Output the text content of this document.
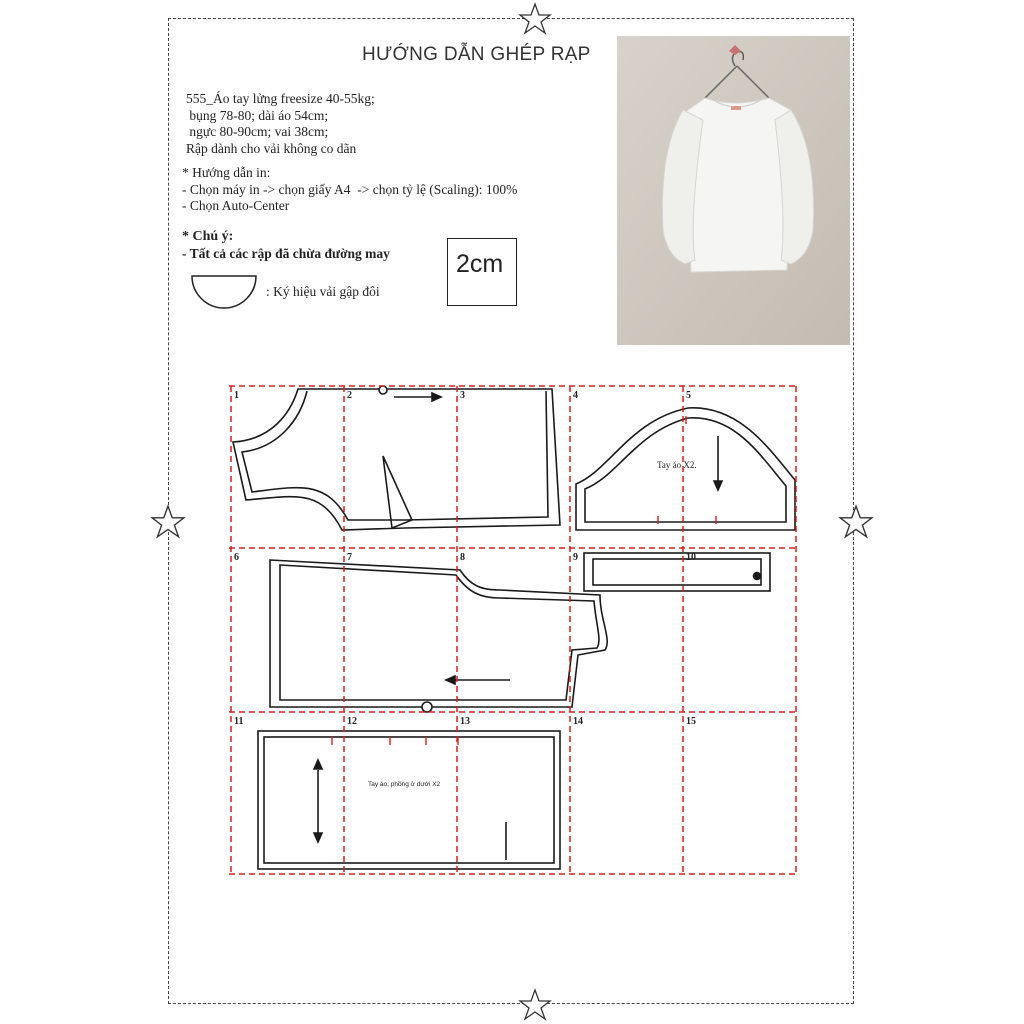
HƯỚNG DẪN GHÉP RẠP
555_Áo tay lửng freesize 40-55kg;
bụng 78-80; dài áo 54cm;
ngực 80-90cm; vai 38cm;
Rập dành cho vải không co dãn
* Hướng dẫn in:
- Chọn máy in -> chọn giấy A4  -> chọn tỷ lệ (Scaling): 100%
- Chọn Auto-Center
* Chú ý:
- Tất cả các rập đã chừa đường may
: Ký hiệu vải gập đôi
2cm
1	2	3	4	5
6	7	8	9	10
11	12	13	14	15
Tay áo X2.
Tay áo, phồng ở dưới X2
